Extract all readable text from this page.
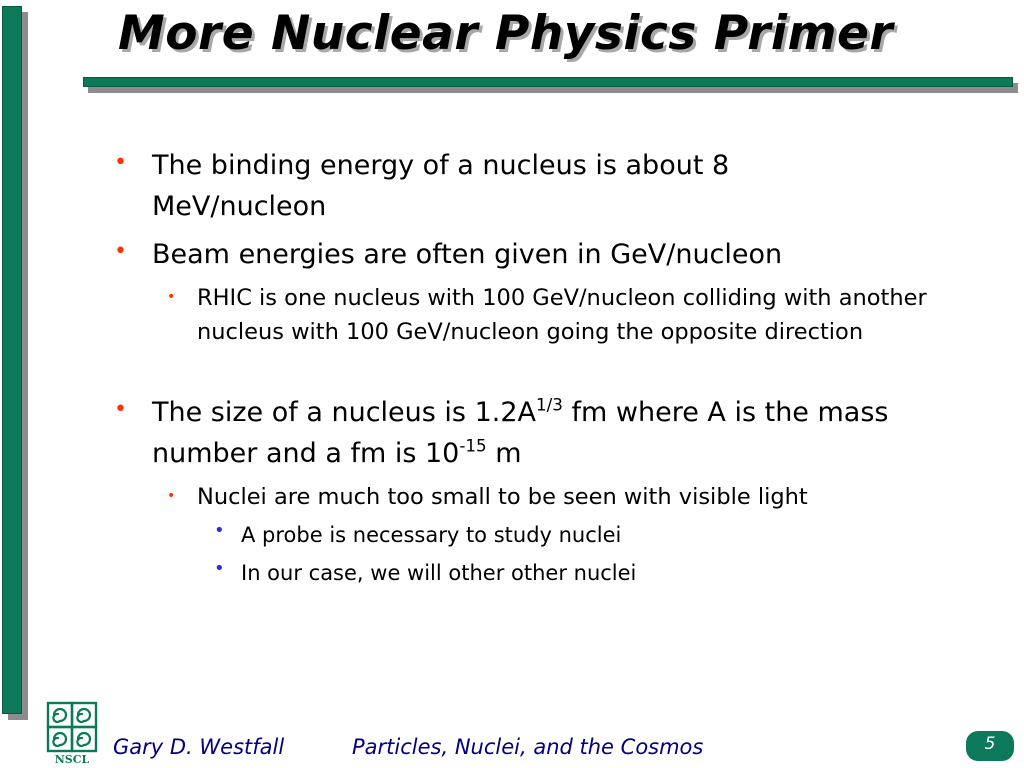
More Nuclear Physics Primer
• The binding energy of a nucleus is about 8 MeV/nucleon
• Beam energies are often given in GeV/nucleon
• RHIC is one nucleus with 100 GeV/nucleon colliding with another nucleus with 100 GeV/nucleon going the opposite direction
• The size of a nucleus is $1.2A^{1/3}$ fm where A is the mass number and a fm is $10^{-15}$ m
• Nuclei are much too small to be seen with visible light
• A probe is necessary to study nuclei
• In our case, we will other other nuclei
NSCL
Gary D. Westfall	Particles, Nuclei, and the Cosmos	5
